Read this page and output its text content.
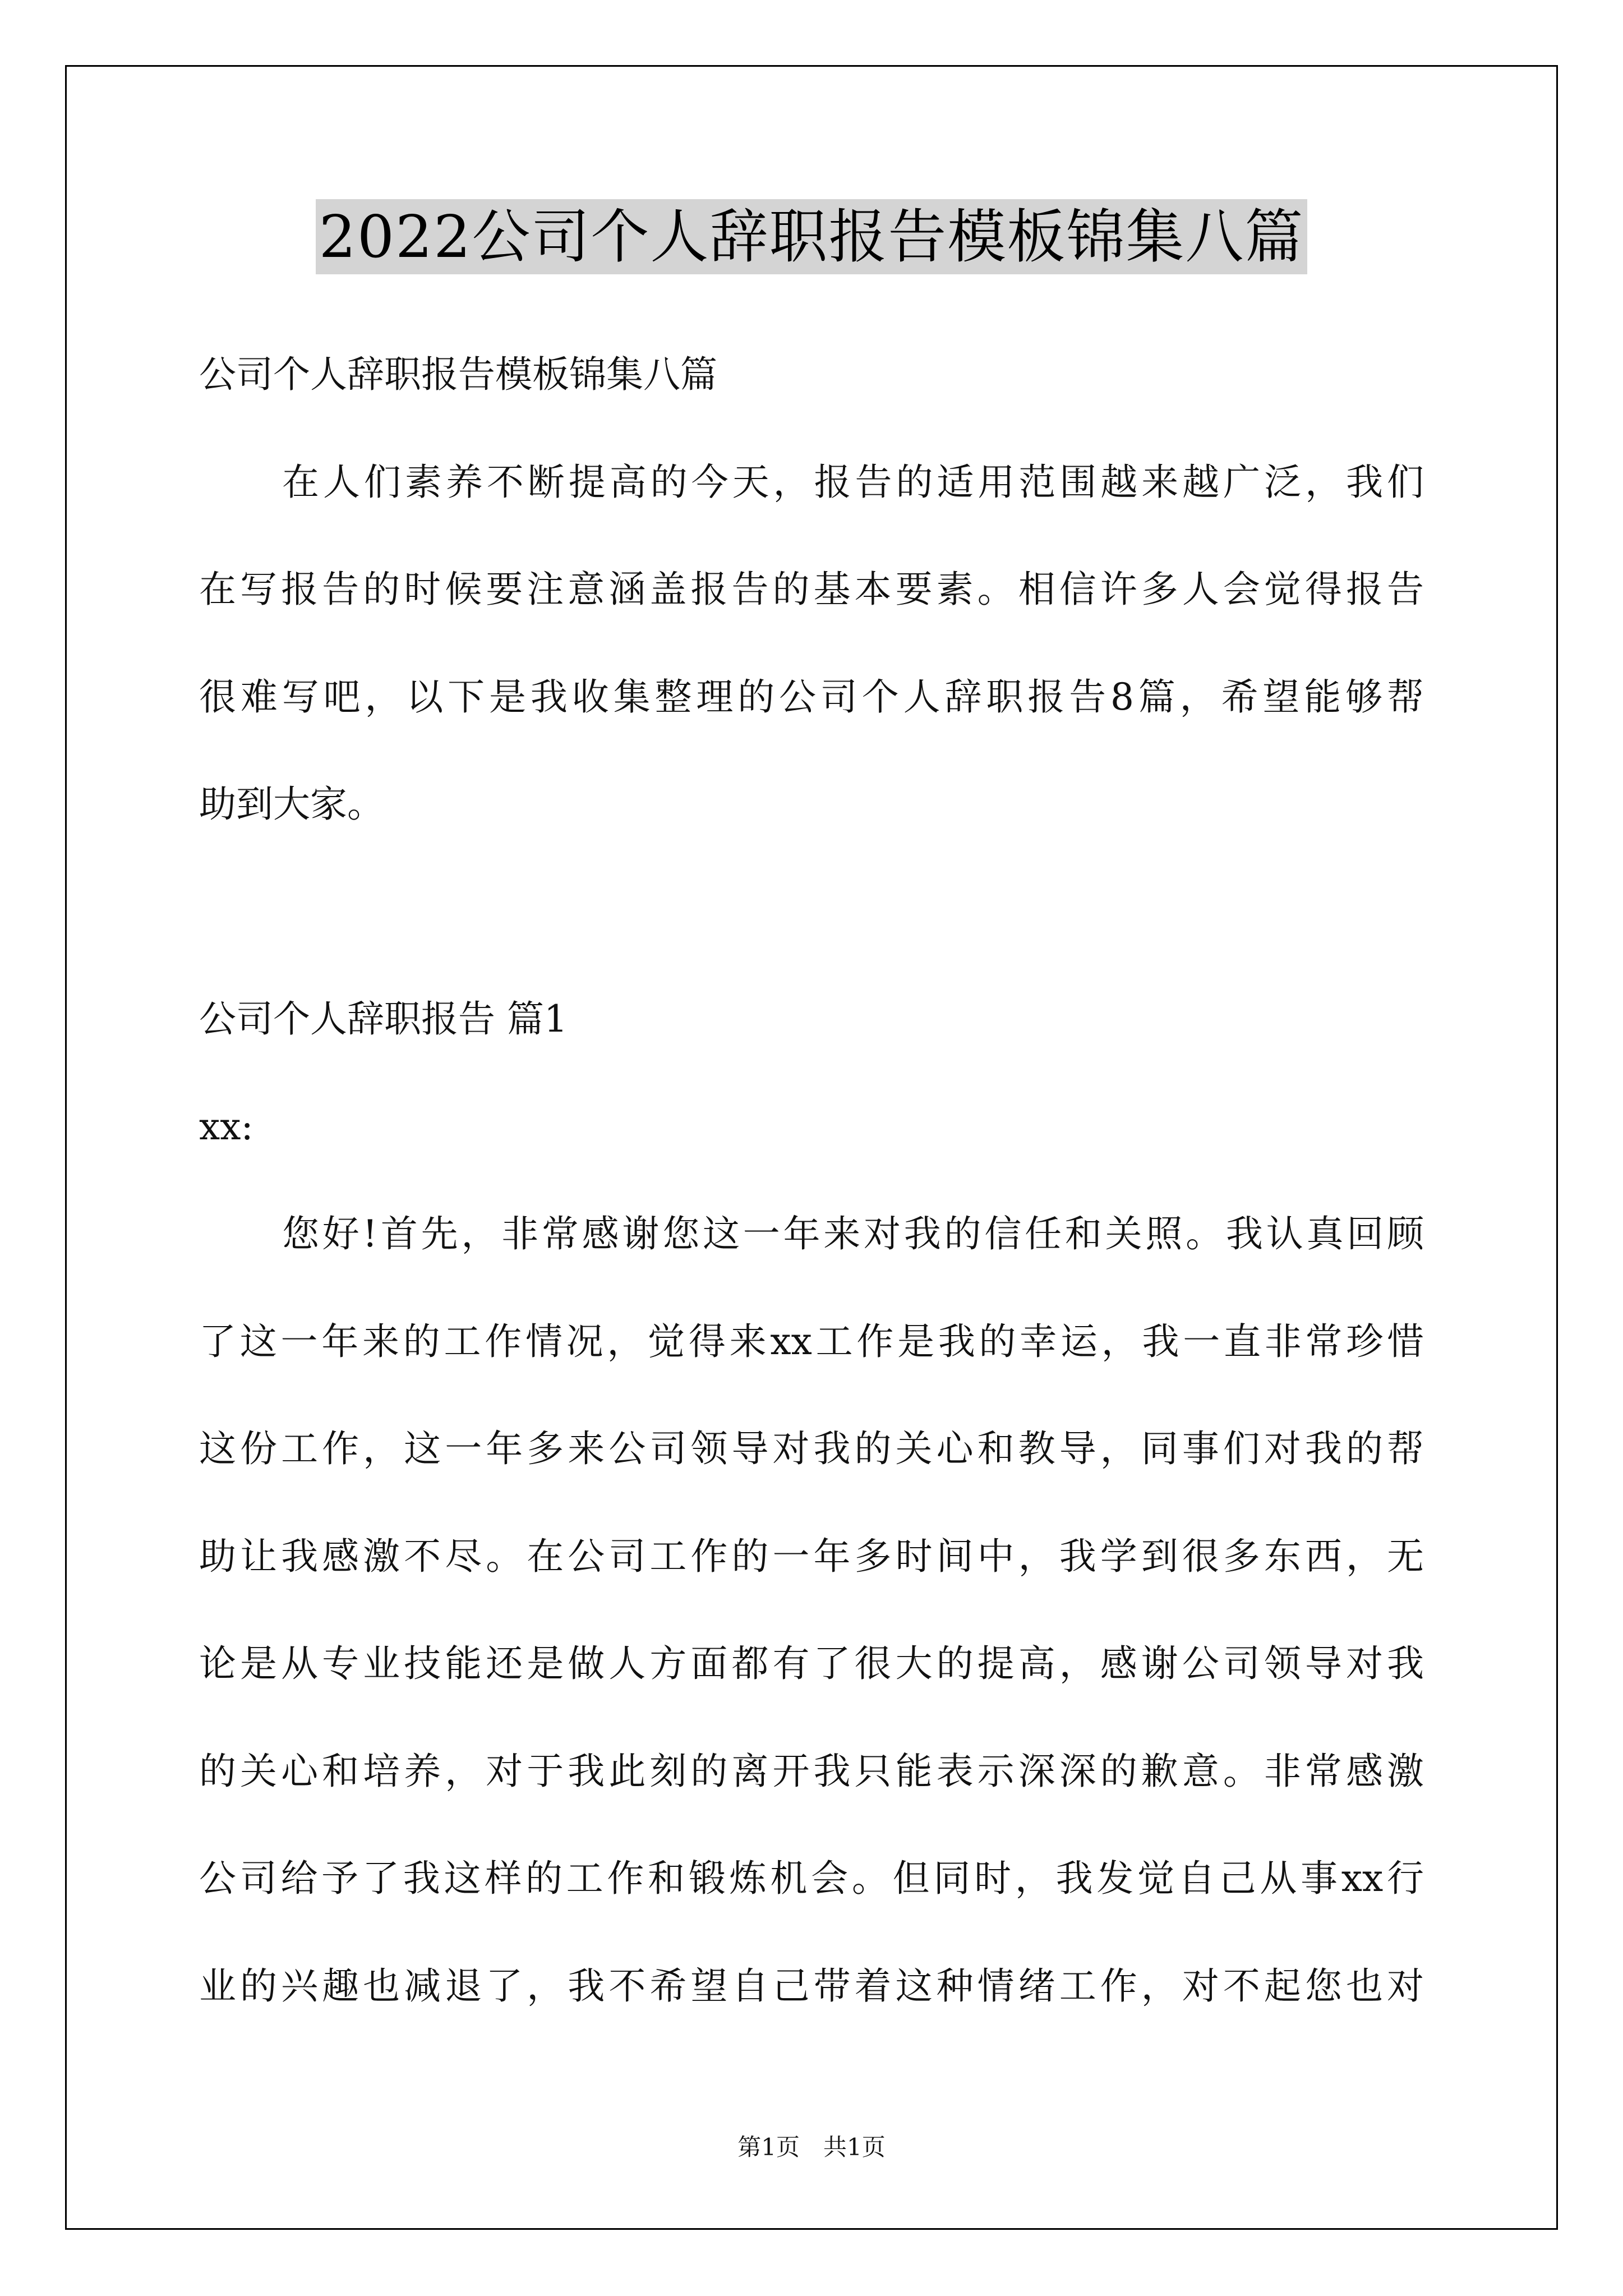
2022公司个人辞职报告模板锦集八篇
公司个人辞职报告模板锦集八篇
在人们素养不断提高的今天，报告的适用范围越来越广泛，我们
在写报告的时候要注意涵盖报告的基本要素。相信许多人会觉得报告
很难写吧，以下是我收集整理的公司个人辞职报告8篇，希望能够帮
助到大家。
公司个人辞职报告 篇1
xx:
您好!首先，非常感谢您这一年来对我的信任和关照。我认真回顾
了这一年来的工作情况，觉得来xx工作是我的幸运，我一直非常珍惜
这份工作，这一年多来公司领导对我的关心和教导，同事们对我的帮
助让我感激不尽。在公司工作的一年多时间中，我学到很多东西，无
论是从专业技能还是做人方面都有了很大的提高，感谢公司领导对我
的关心和培养，对于我此刻的离开我只能表示深深的歉意。非常感激
公司给予了我这样的工作和锻炼机会。但同时，我发觉自己从事xx行
业的兴趣也减退了，我不希望自己带着这种情绪工作，对不起您也对
第1页　共1页
